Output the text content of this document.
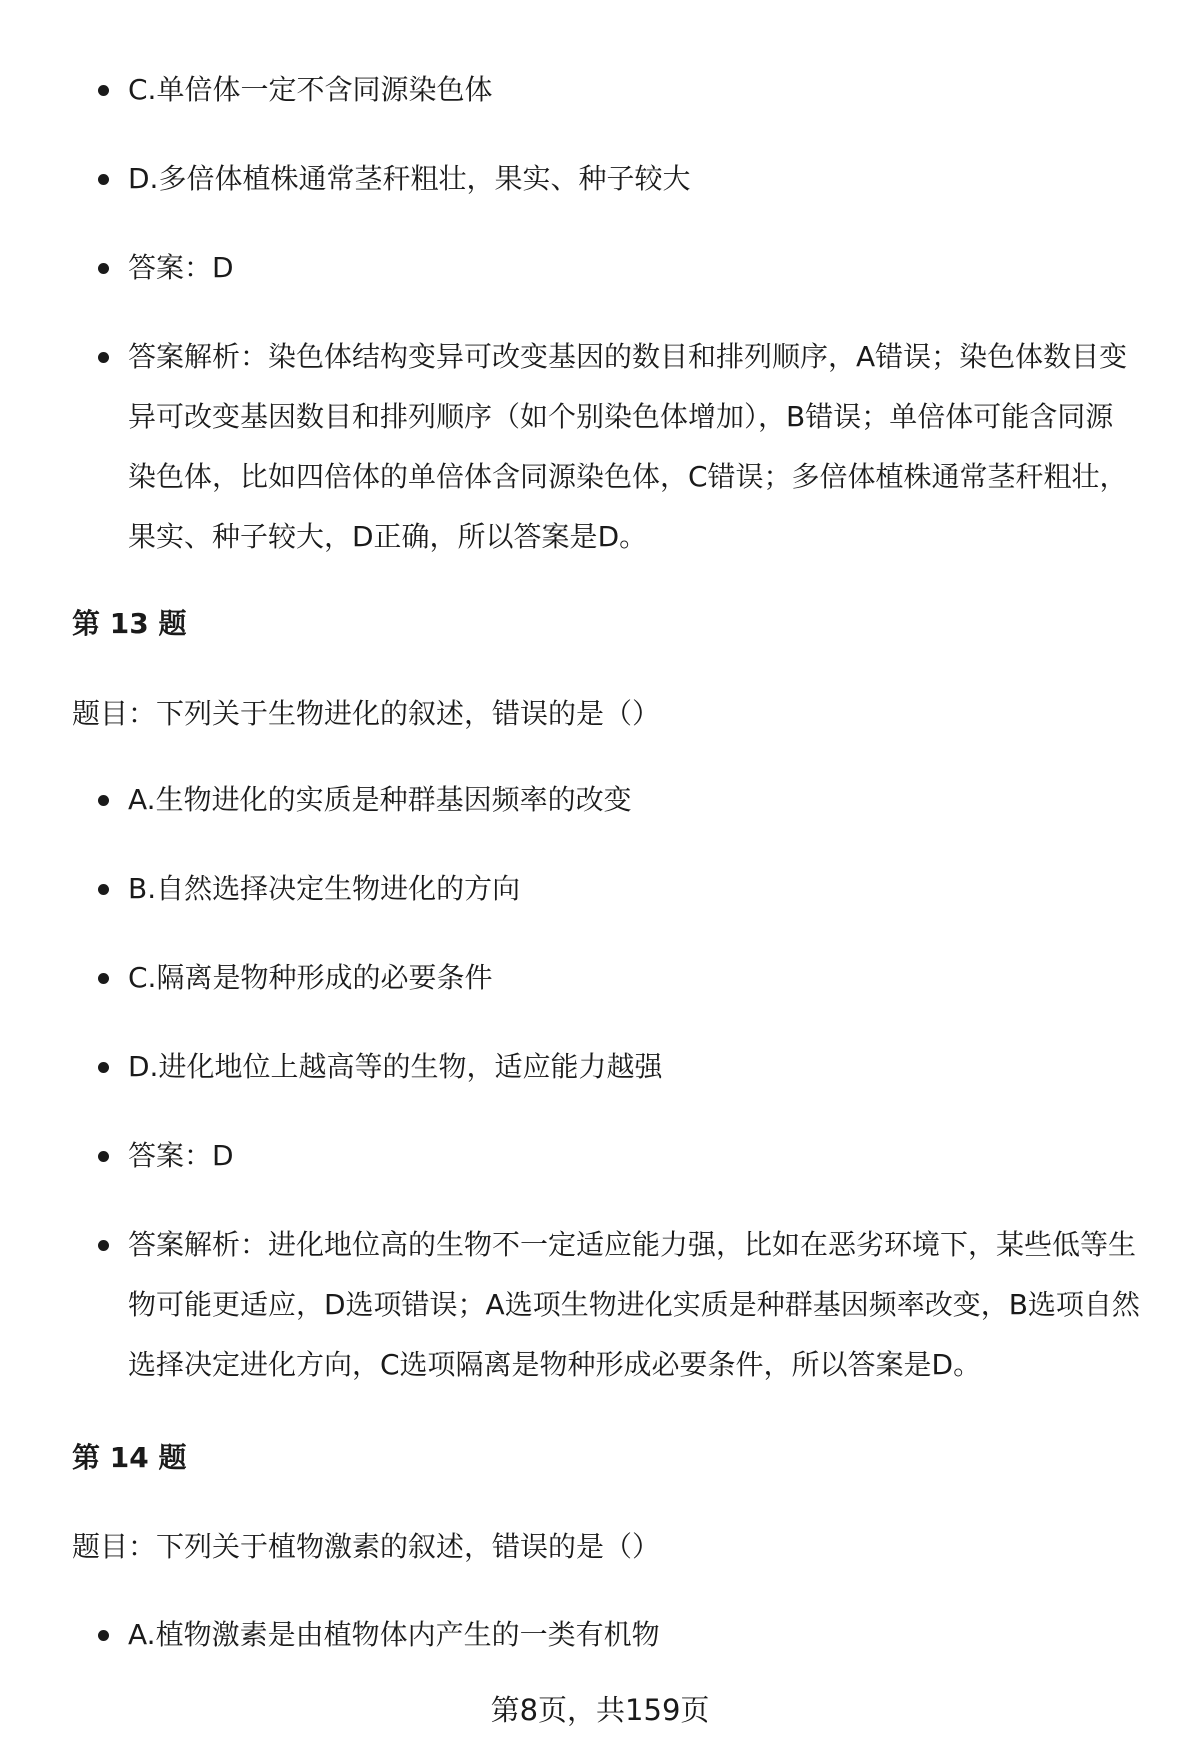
C.单倍体一定不含同源染色体
D.多倍体植株通常茎秆粗壮，果实、种子较大
答案：D
答案解析：染色体结构变异可改变基因的数目和排列顺序，A错误；染色体数目变异可改变基因数目和排列顺序（如个别染色体增加），B错误；单倍体可能含同源染色体，比如四倍体的单倍体含同源染色体，C错误；多倍体植株通常茎秆粗壮，果实、种子较大，D正确，所以答案是D。

第 13 题

题目：下列关于生物进化的叙述，错误的是（）

A.生物进化的实质是种群基因频率的改变
B.自然选择决定生物进化的方向
C.隔离是物种形成的必要条件
D.进化地位上越高等的生物，适应能力越强
答案：D
答案解析：进化地位高的生物不一定适应能力强，比如在恶劣环境下，某些低等生物可能更适应，D选项错误；A选项生物进化实质是种群基因频率改变，B选项自然选择决定进化方向，C选项隔离是物种形成必要条件，所以答案是D。

第 14 题

题目：下列关于植物激素的叙述，错误的是（）

A.植物激素是由植物体内产生的一类有机物
第8页，共159页
